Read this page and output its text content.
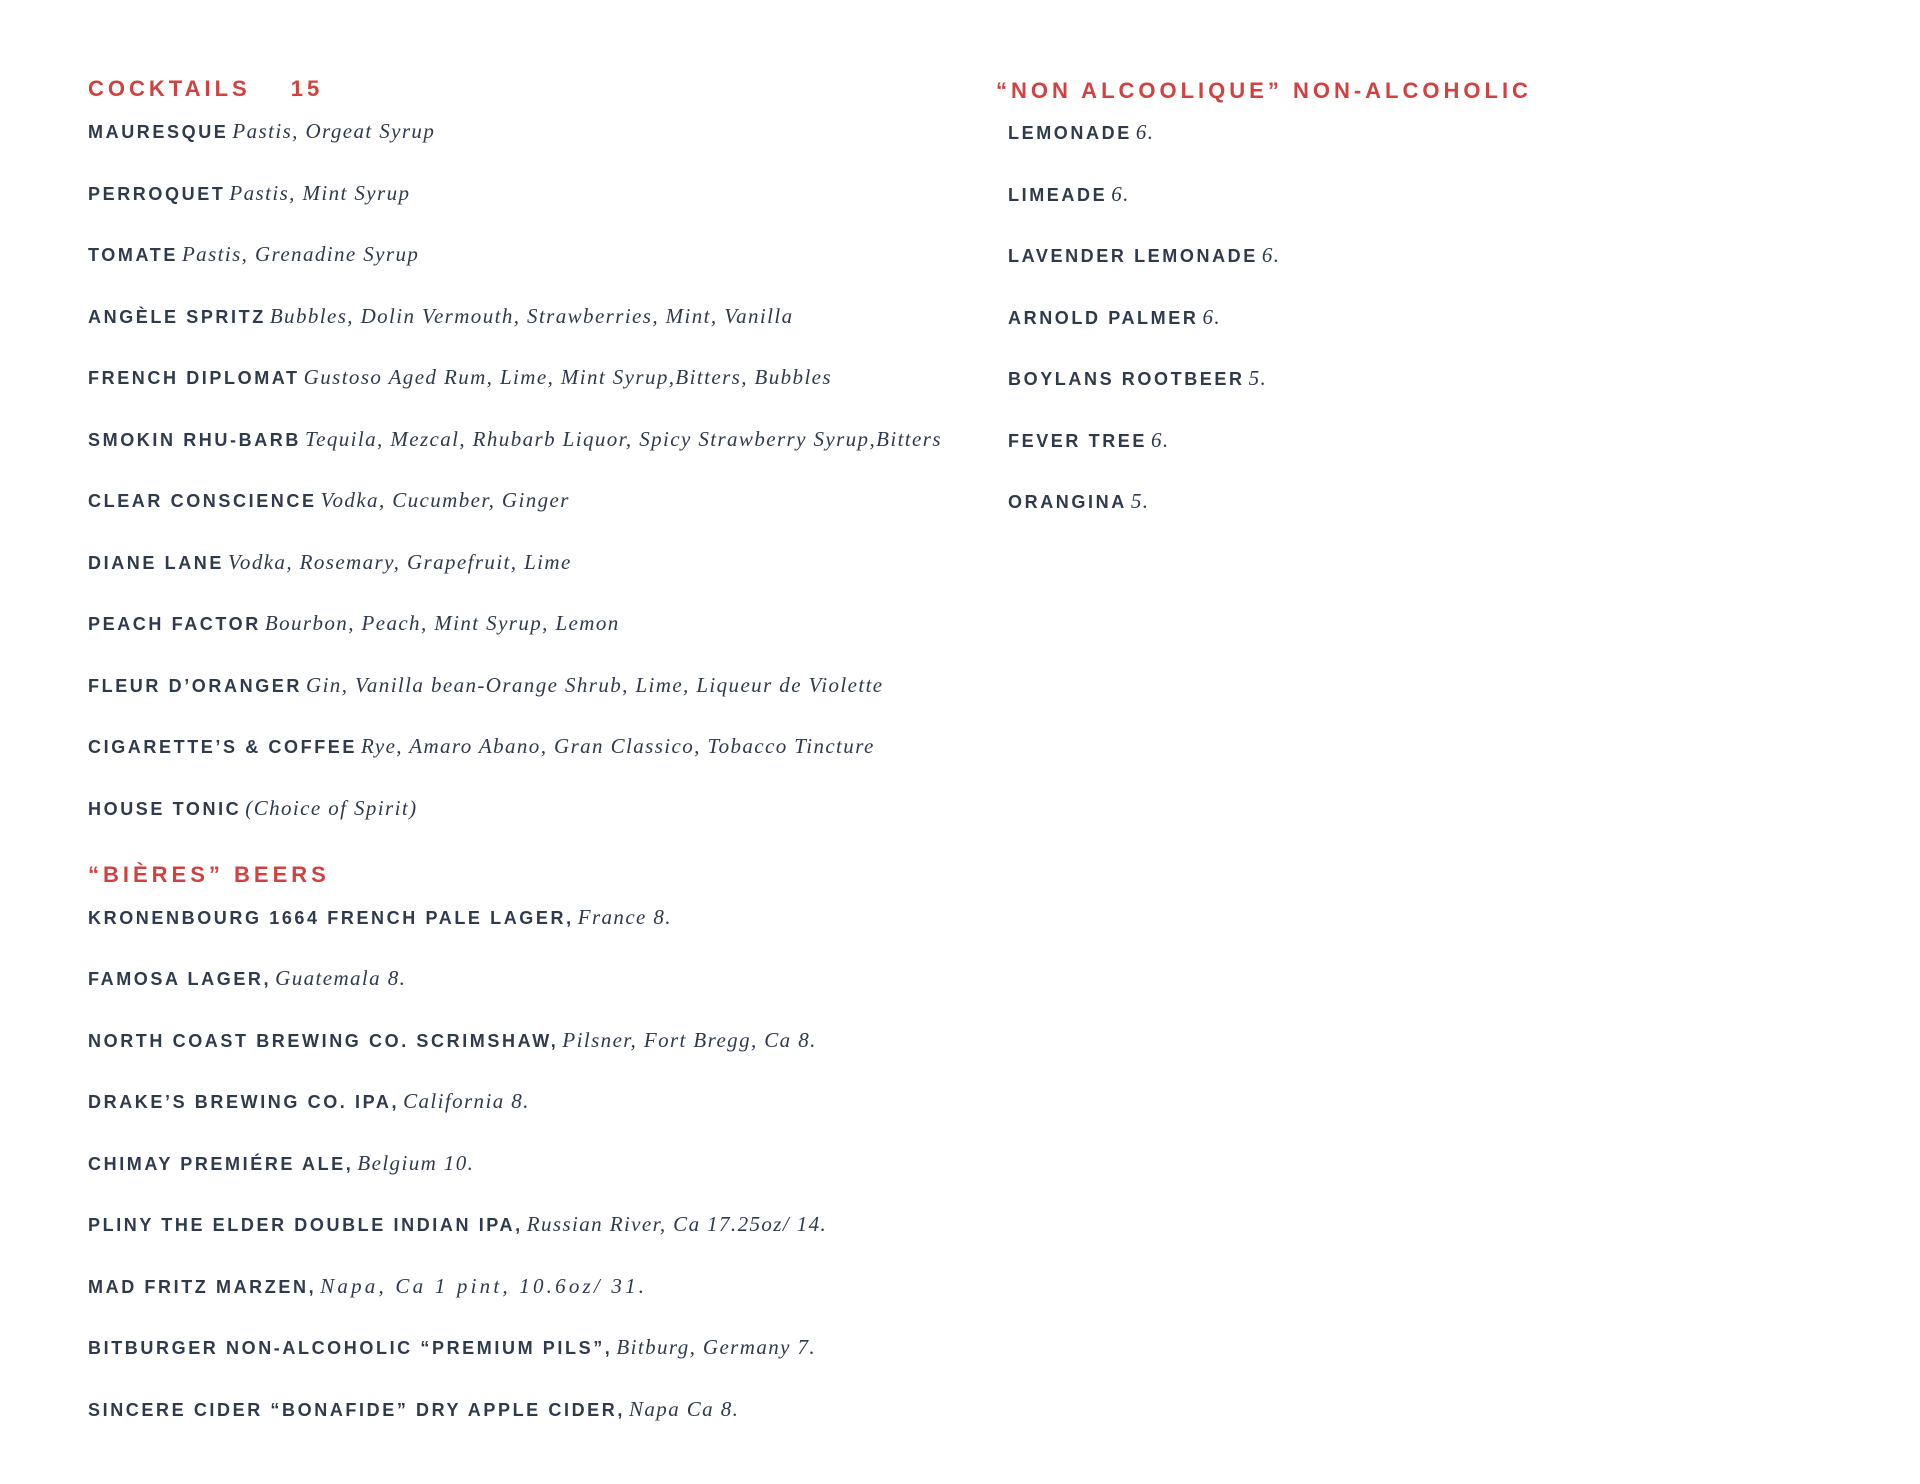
COCKTAILS 15
MAURESQUE Pastis, Orgeat Syrup
PERROQUET Pastis, Mint Syrup
TOMATE Pastis, Grenadine Syrup
ANGÈLE SPRITZ Bubbles, Dolin Vermouth, Strawberries, Mint, Vanilla
FRENCH DIPLOMAT Gustoso Aged Rum, Lime, Mint Syrup,Bitters, Bubbles
SMOKIN RHU-BARB Tequila, Mezcal, Rhubarb Liquor, Spicy Strawberry Syrup,Bitters
CLEAR CONSCIENCE Vodka, Cucumber, Ginger
DIANE LANE Vodka, Rosemary, Grapefruit, Lime
PEACH FACTOR Bourbon, Peach, Mint Syrup, Lemon
FLEUR D’ORANGER Gin, Vanilla bean-Orange Shrub, Lime, Liqueur de Violette
CIGARETTE’S & COFFEE Rye, Amaro Abano, Gran Classico, Tobacco Tincture
HOUSE TONIC (Choice of Spirit)
“BIÈRES” BEERS
KRONENBOURG 1664 FRENCH PALE LAGER, France 8.
FAMOSA LAGER, Guatemala 8.
NORTH COAST BREWING CO. SCRIMSHAW, Pilsner, Fort Bregg, Ca 8.
DRAKE’S BREWING CO. IPA, California 8.
CHIMAY PREMIÉRE ALE, Belgium 10.
PLINY THE ELDER DOUBLE INDIAN IPA, Russian River, Ca 17.25oz/ 14.
MAD FRITZ MARZEN, Napa, Ca 1 pint, 10.6oz/ 31.
BITBURGER NON-ALCOHOLIC “PREMIUM PILS”, Bitburg, Germany 7.
SINCERE CIDER “BONAFIDE” DRY APPLE CIDER, Napa Ca 8.
“NON ALCOOLIQUE” NON-ALCOHOLIC
LEMONADE 6.
LIMEADE 6.
LAVENDER LEMONADE 6.
ARNOLD PALMER 6.
BOYLANS ROOTBEER 5.
FEVER TREE 6.
ORANGINA 5.
